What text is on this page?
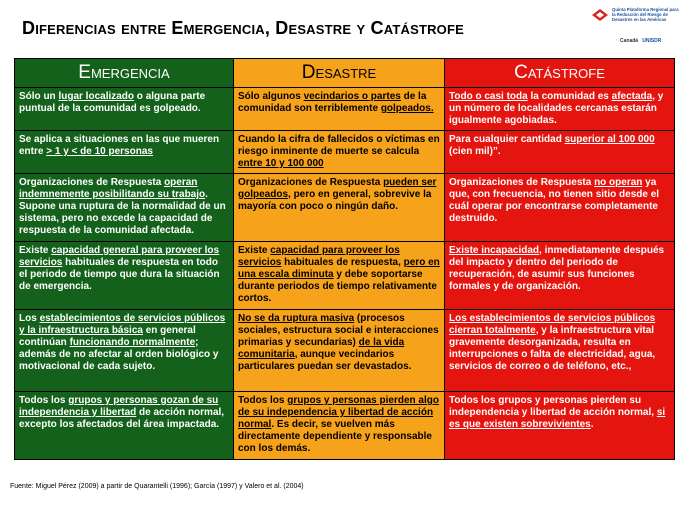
Diferencias entre Emergencia, Desastre y Catástrofe
Quinta Plataforma Regional para la Reducción del Riesgo de Desastres en las Américas
Canadá UNISDR
Emergencia	Desastre	Catástrofe
Sólo un lugar localizado o alguna parte puntual de la comunidad es golpeado.	Sólo algunos vecindarios o partes de la comunidad son terriblemente golpeados.	Todo o casi toda la comunidad es afectada, y un número de localidades cercanas estarán igualmente agobiadas.
Se aplica a situaciones en las que mueren entre > 1 y < de 10 personas	Cuando la cifra de fallecidos o víctimas en riesgo inminente de muerte se calcula entre 10 y 100 000	Para cualquier cantidad superior al 100 000 (cien mil)”.
Organizaciones de Respuesta operan indemnemente posibilitando su trabajo. Supone una ruptura de la normalidad de un sistema, pero no excede la capacidad de respuesta de la comunidad afectada.	Organizaciones de Respuesta pueden ser golpeados, pero en general, sobrevive la mayoría con poco o ningún daño.	Organizaciones de Respuesta no operan ya que, con frecuencia, no tienen sitio desde el cuál operar por encontrarse completamente destruido.
Existe capacidad general para proveer los servicios habituales de respuesta en todo el periodo de tiempo que dura la situación de emergencia.	Existe capacidad para proveer los servicios habituales de respuesta, pero en una escala diminuta y debe soportarse durante periodos de tiempo relativamente cortos.	Existe incapacidad, inmediatamente después del impacto y dentro del periodo de recuperación, de asumir sus funciones formales y de organización.
Los establecimientos de servicios públicos y la infraestructura básica en general continúan funcionando normalmente; además de no afectar al orden biológico y motivacional de cada sujeto.	No se da ruptura masiva (procesos sociales, estructura social e interacciones primarias y secundarias) de la vida comunitaria, aunque vecindarios particulares puedan ser devastados.	Los establecimientos de servicios públicos cierran totalmente, y la infraestructura vital gravemente desorganizada, resulta en interrupciones o falta de electricidad, agua, servicios de correo o de teléfono, etc.,
Todos los grupos y personas gozan de su independencia y libertad de acción normal, excepto los afectados del área impactada.	Todos los grupos y personas pierden algo de su independencia y libertad de acción normal. Es decir, se vuelven más directamente dependiente y responsable con los demás.	Todos los grupos y personas pierden su independencia y libertad de acción normal, si es que existen sobrevivientes.
Fuente: Miguel Pérez (2009) a partir de Quarantelli (1996); García (1997) y Valero et al. (2004)
